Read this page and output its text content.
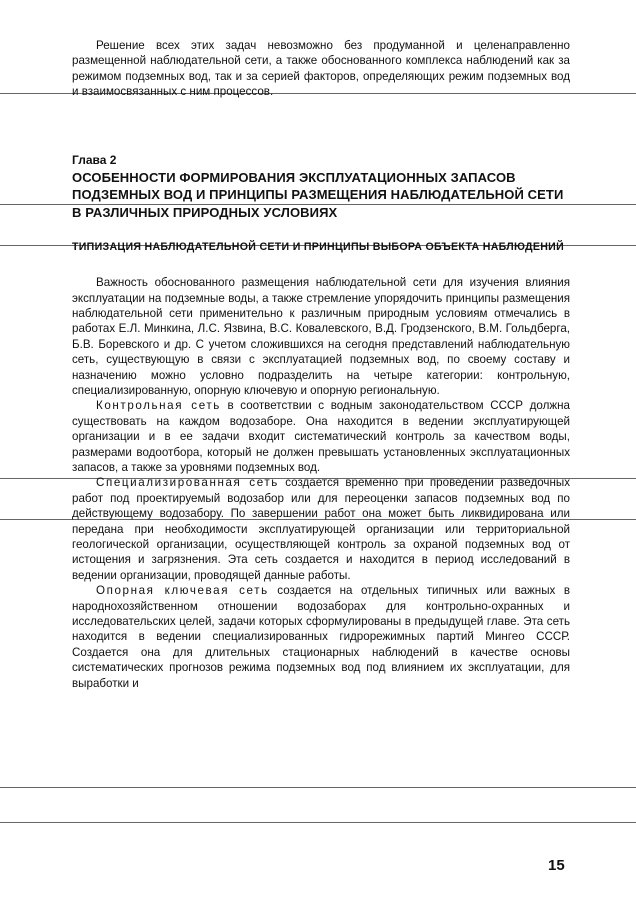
Решение всех этих задач невозможно без продуманной и целенаправленно размещенной наблюдательной сети, а также обоснованного комплекса наблюдений как за режимом подземных вод, так и за серией факторов, определяющих режим подземных вод и взаимосвязанных с ним процессов.

Глава 2
ОСОБЕННОСТИ ФОРМИРОВАНИЯ ЭКСПЛУАТАЦИОННЫХ ЗАПАСОВ ПОДЗЕМНЫХ ВОД И ПРИНЦИПЫ РАЗМЕЩЕНИЯ НАБЛЮДАТЕЛЬНОЙ СЕТИ В РАЗЛИЧНЫХ ПРИРОДНЫХ УСЛОВИЯХ
ТИПИЗАЦИЯ НАБЛЮДАТЕЛЬНОЙ СЕТИ И ПРИНЦИПЫ ВЫБОРА ОБЪЕКТА НАБЛЮДЕНИЙ

Важность обоснованного размещения наблюдательной сети для изучения влияния эксплуатации на подземные воды, а также стремление упорядочить принципы размещения наблюдательной сети применительно к различным природным условиям отмечались в работах Е.Л. Минкина, Л.С. Язвина, В.С. Ковалевского, В.Д. Гродзенского, В.М. Гольдберга, Б.В. Боревского и др. С учетом сложившихся на сегодня представлений наблюдательную сеть, существующую в связи с эксплуатацией подземных вод, по своему составу и назначению можно условно подразделить на четыре категории: контрольную, специализированную, опорную ключевую и опорную региональную.

Контрольная сеть в соответствии с водным законодательством СССР должна существовать на каждом водозаборе. Она находится в ведении эксплуатирующей организации и в ее задачи входит систематический контроль за качеством воды, размерами водоотбора, который не должен превышать установленных эксплуатационных запасов, а также за уровнями подземных вод.

Специализированная сеть создается временно при проведении разведочных работ под проектируемый водозабор или для переоценки запасов подземных вод по действующему водозабору. По завершении работ она может быть ликвидирована или передана при необходимости эксплуатирующей организации или территориальной геологической организации, осуществляющей контроль за охраной подземных вод от истощения и загрязнения. Эта сеть создается и находится в период исследований в ведении организации, проводящей данные работы.

Опорная ключевая сеть создается на отдельных типичных или важных в народнохозяйственном отношении водозаборах для контрольно-охранных и исследовательских целей, задачи которых сформулированы в предыдущей главе. Эта сеть находится в ведении специализированных гидрорежимных партий Мингео СССР. Создается она для длительных стационарных наблюдений в качестве основы систематических прогнозов режима подземных вод под влиянием их эксплуатации, для выработки и

15
